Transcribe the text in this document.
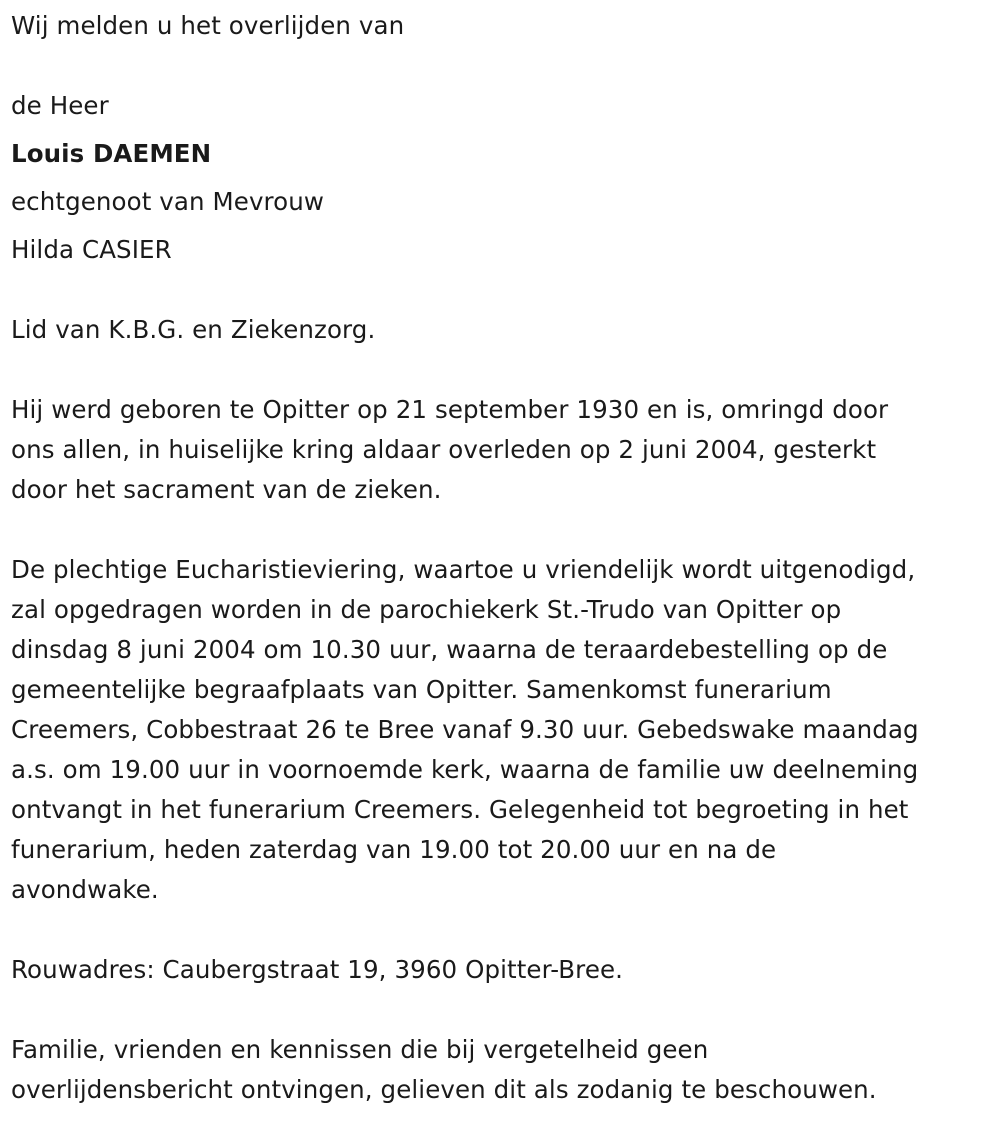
Wij melden u het overlijden van

de Heer

Louis DAEMEN

echtgenoot van Mevrouw

Hilda CASIER

Lid van K.B.G. en Ziekenzorg.

Hij werd geboren te Opitter op 21 september 1930 en is, omringd door
ons allen, in huiselijke kring aldaar overleden op 2 juni 2004, gesterkt
door het sacrament van de zieken.
De plechtige Eucharistieviering, waartoe u vriendelijk wordt uitgenodigd,
zal opgedragen worden in de parochiekerk St.-Trudo van Opitter op
dinsdag 8 juni 2004 om 10.30 uur, waarna de teraardebestelling op de
gemeentelijke begraafplaats van Opitter. Samenkomst funerarium
Creemers, Cobbestraat 26 te Bree vanaf 9.30 uur. Gebedswake maandag
a.s. om 19.00 uur in voornoemde kerk, waarna de familie uw deelneming
ontvangt in het funerarium Creemers. Gelegenheid tot begroeting in het
funerarium, heden zaterdag van 19.00 tot 20.00 uur en na de
avondwake.
Rouwadres: Caubergstraat 19, 3960 Opitter-Bree.
Familie, vrienden en kennissen die bij vergetelheid geen
overlijdensbericht ontvingen, gelieven dit als zodanig te beschouwen.
